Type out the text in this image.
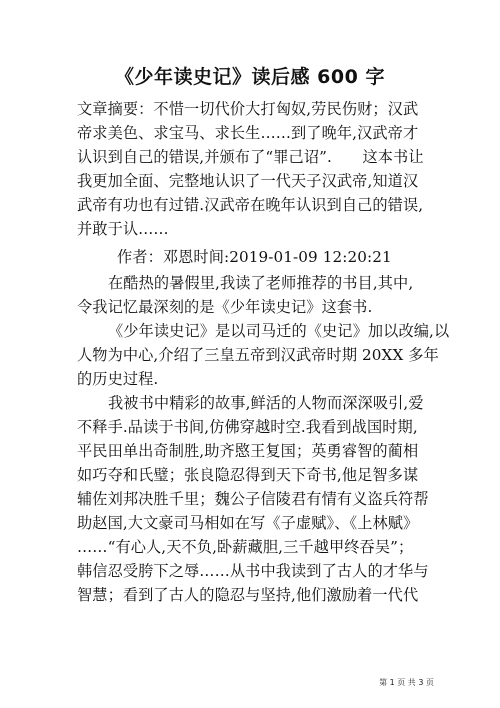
《少年读史记》读后感 600 字
文章摘要：不惜一切代价大打匈奴,劳民伤财；汉武
帝求美色、求宝马、求长生……到了晚年,汉武帝才
认识到自己的错误,并颁布了“罪己诏”.　　这本书让
我更加全面、完整地认识了一代天子汉武帝,知道汉
武帝有功也有过错.汉武帝在晚年认识到自己的错误,
并敢于认……
作者：邓恩时间:2019-01-09 12:20:21
在酷热的暑假里,我读了老师推荐的书目,其中,
令我记忆最深刻的是《少年读史记》这套书.
《少年读史记》是以司马迁的《史记》加以改编,以
人物为中心,介绍了三皇五帝到汉武帝时期 20XX 多年
的历史过程.
我被书中精彩的故事,鲜活的人物而深深吸引,爱
不释手.品读于书间,仿佛穿越时空.我看到战国时期,
平民田单出奇制胜,助齐愍王复国；英勇睿智的蔺相
如巧夺和氏璧；张良隐忍得到天下奇书,他足智多谋
辅佐刘邦决胜千里；魏公子信陵君有情有义盗兵符帮
助赵国,大文豪司马相如在写《子虚赋》、《上林赋》
……“有心人,天不负,卧薪藏胆,三千越甲终吞吴”；
韩信忍受胯下之辱……从书中我读到了古人的才华与
智慧；看到了古人的隐忍与坚持,他们激励着一代代
第 1 页 共 3 页
